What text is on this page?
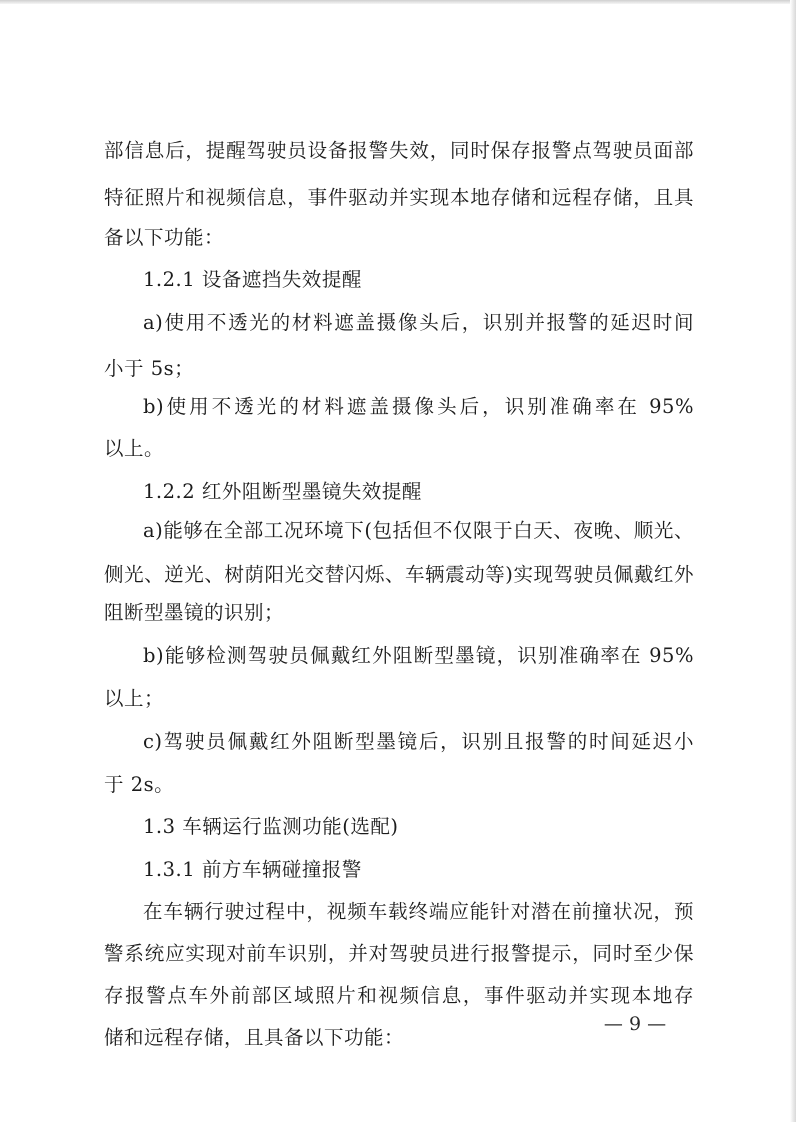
部信息后，提醒驾驶员设备报警失效，同时保存报警点驾驶员面部
特征照片和视频信息，事件驱动并实现本地存储和远程存储，且具
备以下功能：
1.2.1 设备遮挡失效提醒
a)使用不透光的材料遮盖摄像头后，识别并报警的延迟时间
小于 5s；
b)使用不透光的材料遮盖摄像头后，识别准确率在 95%
以上。
1.2.2 红外阻断型墨镜失效提醒
a)能够在全部工况环境下(包括但不仅限于白天、夜晚、顺光、
侧光、逆光、树荫阳光交替闪烁、车辆震动等)实现驾驶员佩戴红外
阻断型墨镜的识别；
b)能够检测驾驶员佩戴红外阻断型墨镜，识别准确率在 95%
以上；
c)驾驶员佩戴红外阻断型墨镜后，识别且报警的时间延迟小
于 2s。
1.3 车辆运行监测功能(选配)
1.3.1 前方车辆碰撞报警
在车辆行驶过程中，视频车载终端应能针对潜在前撞状况，预
警系统应实现对前车识别，并对驾驶员进行报警提示，同时至少保
存报警点车外前部区域照片和视频信息，事件驱动并实现本地存
储和远程存储，且具备以下功能：
— 9 —
